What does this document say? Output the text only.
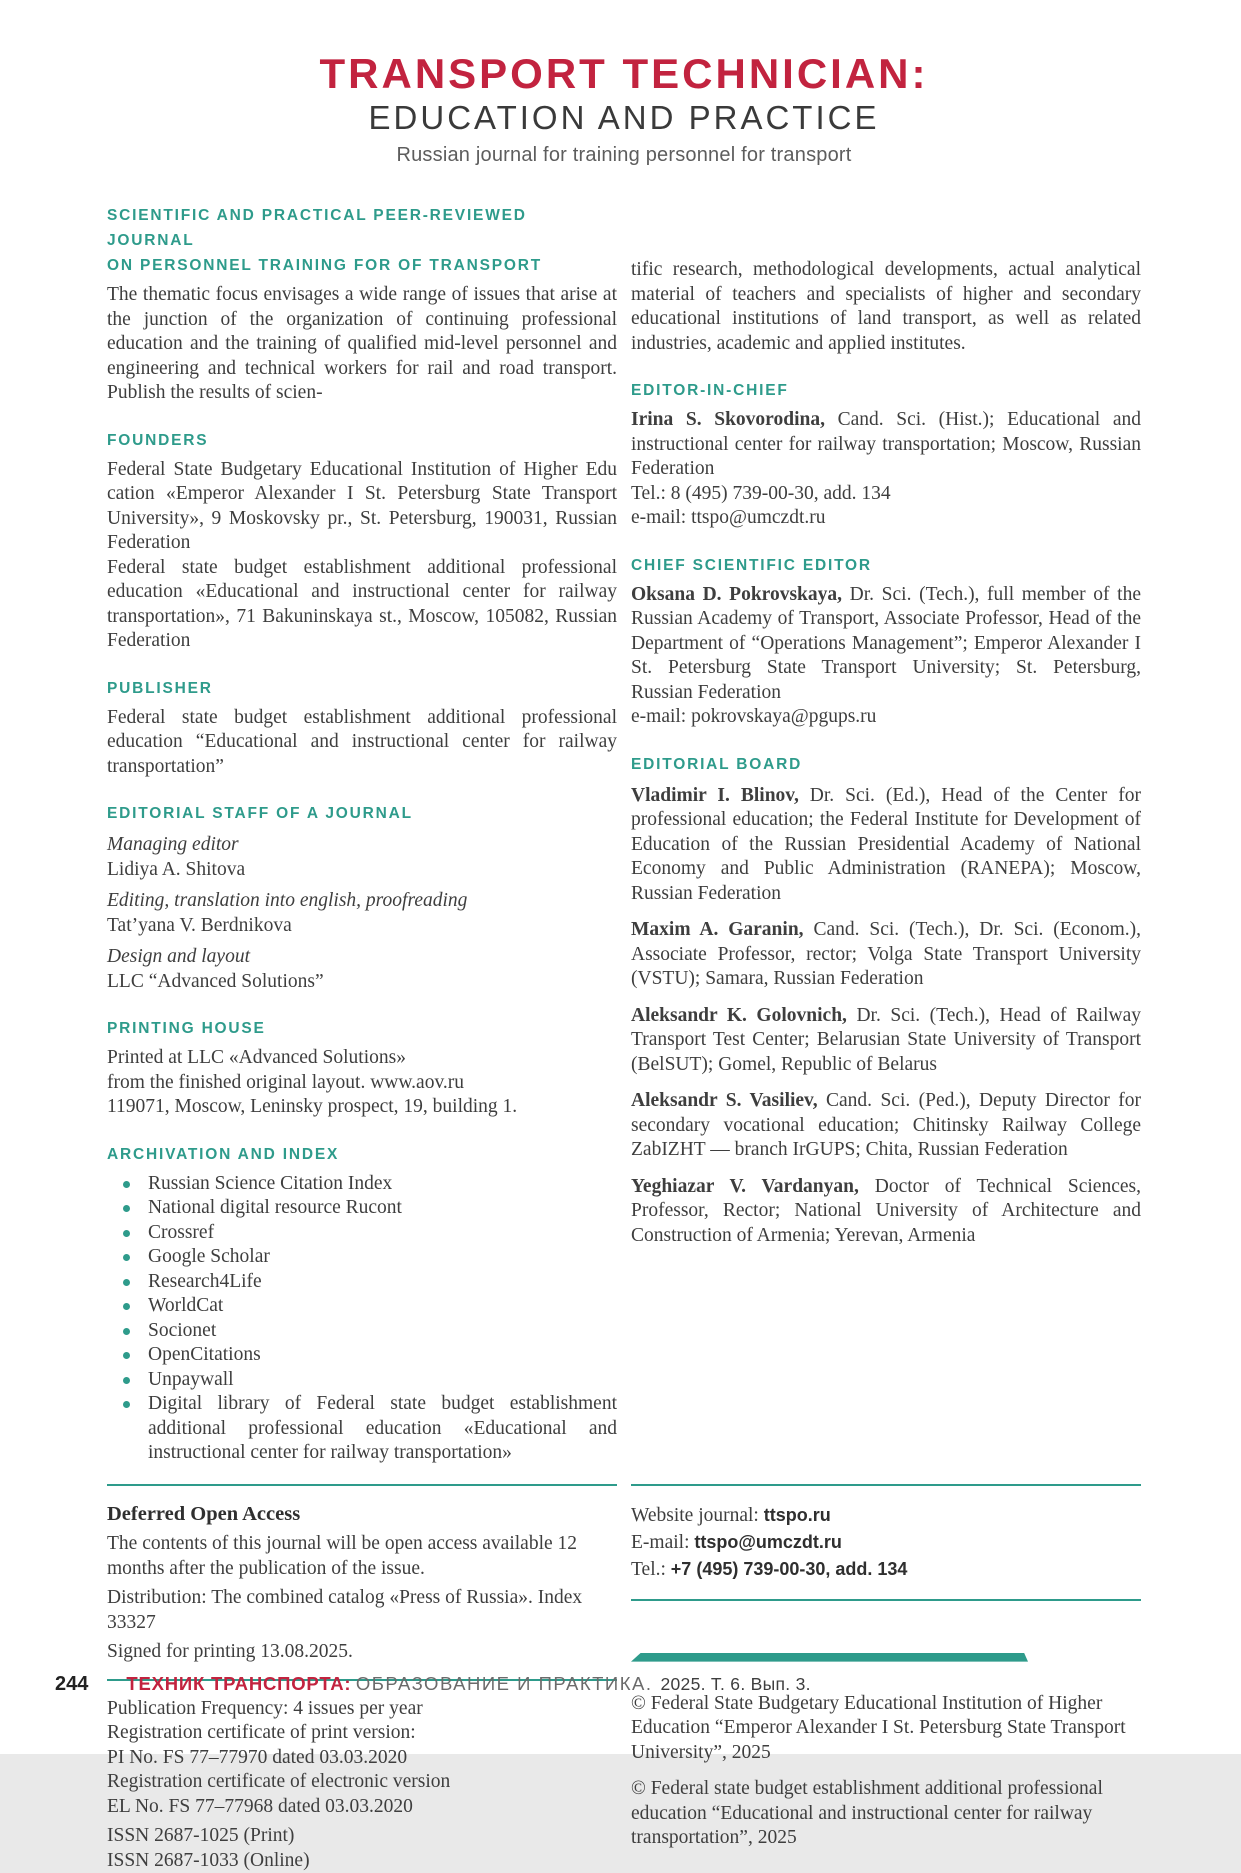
TRANSPORT TECHNICIAN:
EDUCATION AND PRACTICE
Russian journal for training personnel for transport
SCIENTIFIC AND PRACTICAL PEER-REVIEWED JOURNAL
ON PERSONNEL TRAINING FOR OF TRANSPORT

The thematic focus envisages a wide range of issues that arise at the junction of the organization of continuing professional education and the training of qualified mid-level personnel and engineering and technical workers for rail and road transport. Publish the results of scien-

FOUNDERS

Federal State Budgetary Educational Institution of Higher Edu cation «Emperor Alexander I St. Petersburg State Transport University», 9 Moskovsky pr., St. Petersburg, 190031, Russian Federation

Federal state budget establishment additional professional education «Educational and instructional center for railway transportation», 71 Bakuninskaya st., Moscow, 105082, Russian Federation

PUBLISHER

Federal state budget establishment additional professional education “Educational and instructional center for railway transportation”

EDITORIAL STAFF OF A JOURNAL

Managing editor

Lidiya A. Shitova

Editing, translation into english, proofreading

Tat’yana V. Berdnikova

Design and layout

LLC “Advanced Solutions”

PRINTING HOUSE

Printed at LLC «Advanced Solutions»

from the finished original layout. www.aov.ru

119071, Moscow, Leninsky prospect, 19, building 1.

ARCHIVATION AND INDEX
Russian Science Citation Index
National digital resource Rucont
Crossref
Google Scholar
Research4Life
WorldCat
Socionet
OpenCitations
Unpaywall
Digital library of Federal state budget establishment additional professional education «Educational and instructional center for railway transportation»

tific research, methodological developments, actual analytical material of teachers and specialists of higher and secondary educational institutions of land transport, as well as related industries, academic and applied institutes.

EDITOR-IN-CHIEF

Irina S. Skovorodina, Cand. Sci. (Hist.); Educational and instructional center for railway transportation; Moscow, Russian Federation

Tel.: 8 (495) 739-00-30, add. 134

e-mail: ttspo@umczdt.ru

CHIEF SCIENTIFIC EDITOR

Oksana D. Pokrovskaya, Dr. Sci. (Tech.), full member of the Russian Academy of Transport, Associate Professor, Head of the Department of “Operations Management”; Emperor Alexander I St. Petersburg State Transport University; St. Petersburg, Russian Federation

e-mail: pokrovskaya@pgups.ru

EDITORIAL BOARD

Vladimir I. Blinov, Dr. Sci. (Ed.), Head of the Center for professional education; the Federal Institute for Development of Education of the Russian Presidential Academy of National Economy and Public Administration (RANEPA); Moscow, Russian Federation

Maxim A. Garanin, Cand. Sci. (Tech.), Dr. Sci. (Econom.), Associate Professor, rector; Volga State Transport University (VSTU); Samara, Russian Federation

Aleksandr K. Golovnich, Dr. Sci. (Tech.), Head of Railway Transport Test Center; Belarusian State University of Transport (BelSUT); Gomel, Republic of Belarus

Aleksandr S. Vasiliev, Cand. Sci. (Ped.), Deputy Director for secondary vocational education; Chitinsky Railway College ZabIZHT — branch IrGUPS; Chita, Russian Federation

Yeghiazar V. Vardanyan, Doctor of Technical Sciences, Professor, Rector; National University of Architecture and Construction of Armenia; Yerevan, Armenia

Deferred Open Access

The contents of this journal will be open access available 12 months after the publication of the issue.

Distribution: The combined catalog «Press of Russia». Index 33327

Signed for printing 13.08.2025.

Publication Frequency: 4 issues per year
Registration certificate of print version:
PI No. FS 77–77970 dated 03.03.2020
Registration certificate of electronic version
EL No. FS 77–77968 dated 03.03.2020
ISSN 2687-1025 (Print)
ISSN 2687-1033 (Online)
Website journal: ttspo.ru
E-mail: ttspo@umczdt.ru
Tel.: +7 (495) 739-00-30, add. 134

© Federal State Budgetary Educational Institution of Higher Education “Emperor Alexander I St. Petersburg State Transport University”, 2025

© Federal state budget establishment additional professional education “Educational and instructional center for railway transportation”, 2025

244 ТЕХНИК ТРАНСПОРТА: ОБРАЗОВАНИЕ И ПРАКТИКА. 2025. Т. 6. Вып. 3.
